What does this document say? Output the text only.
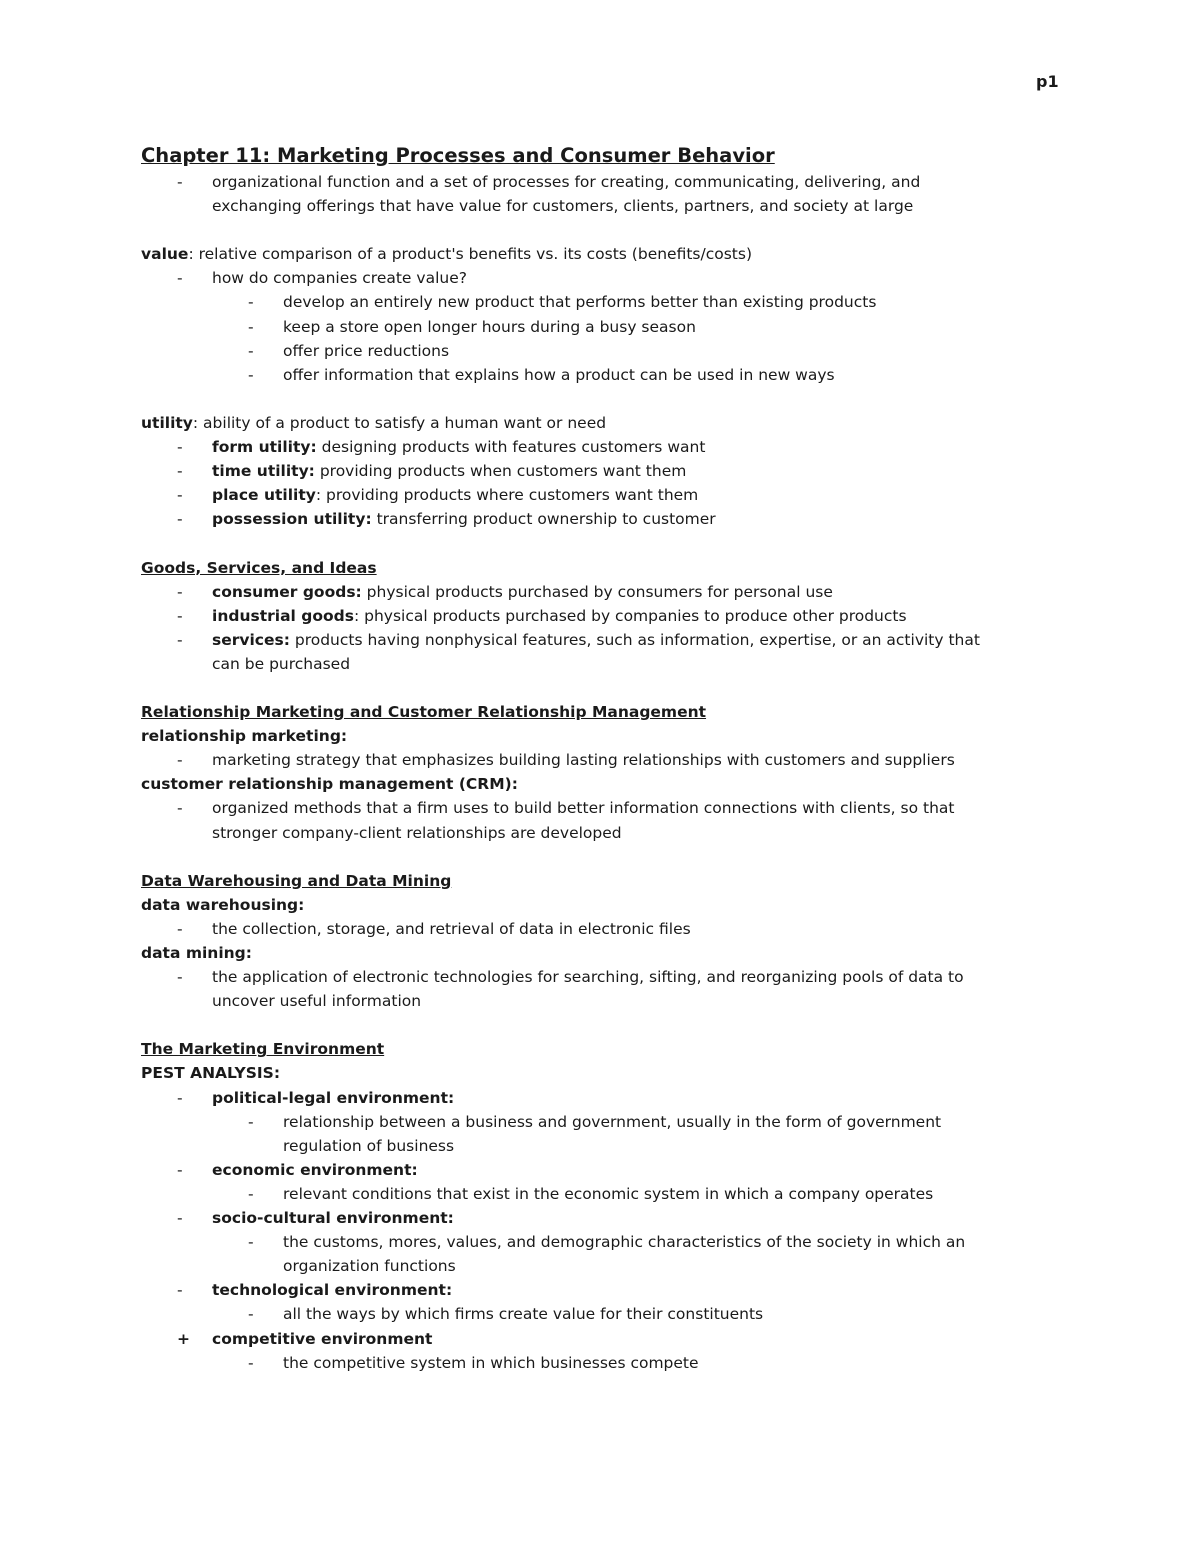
p1
Chapter 11: Marketing Processes and Consumer Behavior
- organizational function and a set of processes for creating, communicating, delivering, and
exchanging offerings that have value for customers, clients, partners, and society at large
value: relative comparison of a product's benefits vs. its costs (benefits/costs)
- how do companies create value?
- develop an entirely new product that performs better than existing products
- keep a store open longer hours during a busy season
- offer price reductions
- offer information that explains how a product can be used in new ways
utility: ability of a product to satisfy a human want or need
- form utility: designing products with features customers want
- time utility: providing products when customers want them
- place utility: providing products where customers want them
- possession utility: transferring product ownership to customer
Goods, Services, and Ideas
- consumer goods: physical products purchased by consumers for personal use
- industrial goods: physical products purchased by companies to produce other products
- services: products having nonphysical features, such as information, expertise, or an activity that
can be purchased
Relationship Marketing and Customer Relationship Management
relationship marketing:
- marketing strategy that emphasizes building lasting relationships with customers and suppliers
customer relationship management (CRM):
- organized methods that a firm uses to build better information connections with clients, so that
stronger company-client relationships are developed
Data Warehousing and Data Mining
data warehousing:
- the collection, storage, and retrieval of data in electronic files
data mining:
- the application of electronic technologies for searching, sifting, and reorganizing pools of data to
uncover useful information
The Marketing Environment
PEST ANALYSIS:
- political-legal environment:
- relationship between a business and government, usually in the form of government
regulation of business
- economic environment:
- relevant conditions that exist in the economic system in which a company operates
- socio-cultural environment:
- the customs, mores, values, and demographic characteristics of the society in which an
organization functions
- technological environment:
- all the ways by which firms create value for their constituents
+ competitive environment
- the competitive system in which businesses compete
